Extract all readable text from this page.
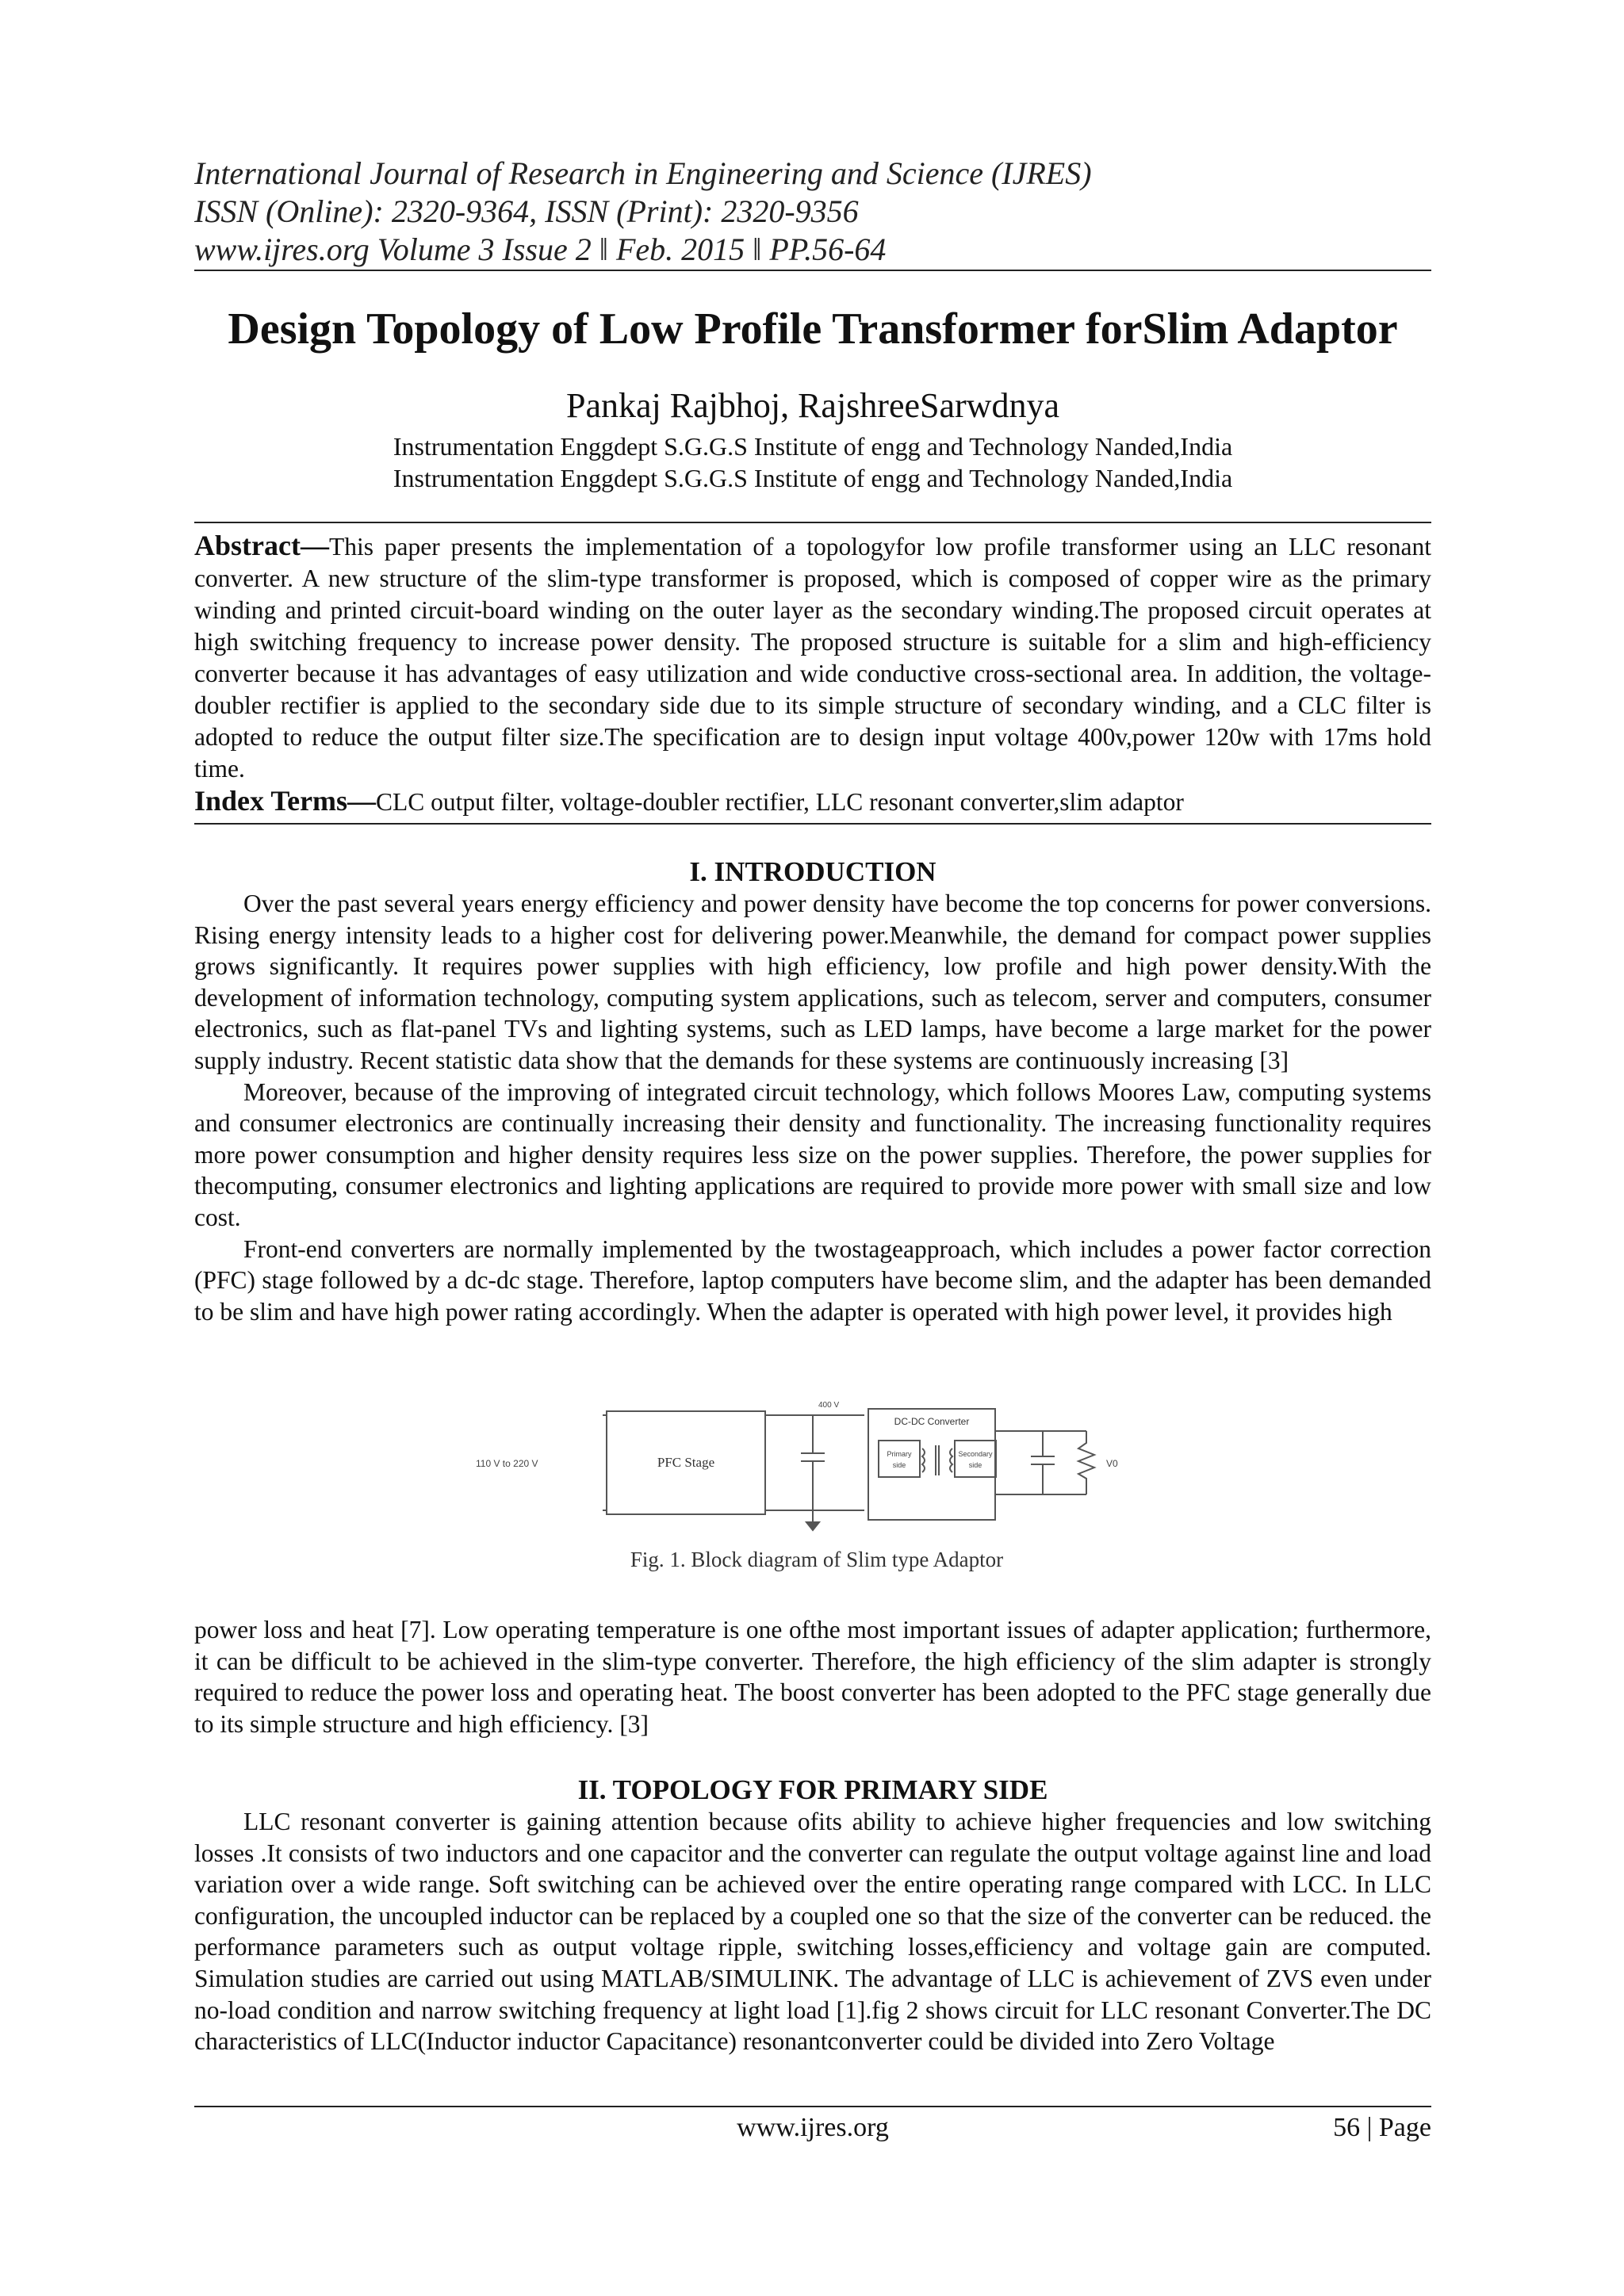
International Journal of Research in Engineering and Science (IJRES)
ISSN (Online): 2320-9364, ISSN (Print): 2320-9356
www.ijres.org Volume 3 Issue 2 ǁ Feb. 2015 ǁ PP.56-64
Design Topology of Low Profile Transformer forSlim Adaptor
Pankaj Rajbhoj, RajshreeSarwdnya
Instrumentation Enggdept S.G.G.S Institute of engg and Technology Nanded,India
Instrumentation Enggdept S.G.G.S Institute of engg and Technology Nanded,India
Abstract—This paper presents the implementation of a topologyfor low profile transformer using an LLC resonant converter. A new structure of the slim-type transformer is proposed, which is composed of copper wire as the primary winding and printed circuit-board winding on the outer layer as the secondary winding.The proposed circuit operates at high switching frequency to increase power density. The proposed structure is suitable for a slim and high-efficiency converter because it has advantages of easy utilization and wide conductive cross-sectional area. In addition, the voltage-doubler rectifier is applied to the secondary side due to its simple structure of secondary winding, and a CLC filter is adopted to reduce the output filter size.The specification are to design input voltage 400v,power 120w with 17ms hold time.
Index Terms—CLC output filter, voltage-doubler rectifier, LLC resonant converter,slim adaptor
I. INTRODUCTION

Over the past several years energy efficiency and power density have become the top concerns for power conversions. Rising energy intensity leads to a higher cost for delivering power.Meanwhile, the demand for compact power supplies grows significantly. It requires power supplies with high efficiency, low profile and high power density.With the development of information technology, computing system applications, such as telecom, server and computers, consumer electronics, such as flat-panel TVs and lighting systems, such as LED lamps, have become a large market for the power supply industry. Recent statistic data show that the demands for these systems are continuously increasing [3]

Moreover, because of the improving of integrated circuit technology, which follows Moores Law, computing systems and consumer electronics are continually increasing their density and functionality. The increasing functionality requires more power consumption and higher density requires less size on the power supplies. Therefore, the power supplies for thecomputing, consumer electronics and lighting applications are required to provide more power with small size and low cost.

Front-end converters are normally implemented by the twostageapproach, which includes a power factor correction (PFC) stage followed by a dc-dc stage. Therefore, laptop computers have become slim, and the adapter has been demanded to be slim and have high power rating accordingly. When the adapter is operated with high power level, it provides high

110 V to 220 V	PFC Stage
400 V
DC-DC Converter
Primary
side
Secondary
side	V0
Fig. 1. Block diagram of Slim type Adaptor

power loss and heat [7]. Low operating temperature is one ofthe most important issues of adapter application; furthermore, it can be difficult to be achieved in the slim-type converter. Therefore, the high efficiency of the slim adapter is strongly required to reduce the power loss and operating heat. The boost converter has been adopted to the PFC stage generally due to its simple structure and high efficiency. [3]

II. TOPOLOGY FOR PRIMARY SIDE

LLC resonant converter is gaining attention because ofits ability to achieve higher frequencies and low switching losses .It consists of two inductors and one capacitor and the converter can regulate the output voltage against line and load variation over a wide range. Soft switching can be achieved over the entire operating range compared with LCC. In LLC configuration, the uncoupled inductor can be replaced by a coupled one so that the size of the converter can be reduced. the performance parameters such as output voltage ripple, switching losses,efficiency and voltage gain are computed. Simulation studies are carried out using MATLAB/SIMULINK. The advantage of LLC is achievement of ZVS even under no-load condition and narrow switching frequency at light load [1].fig 2 shows circuit for LLC resonant Converter.The DC characteristics of LLC(Inductor inductor Capacitance) resonantconverter could be divided into Zero Voltage

www.ijres.org	56 | Page
